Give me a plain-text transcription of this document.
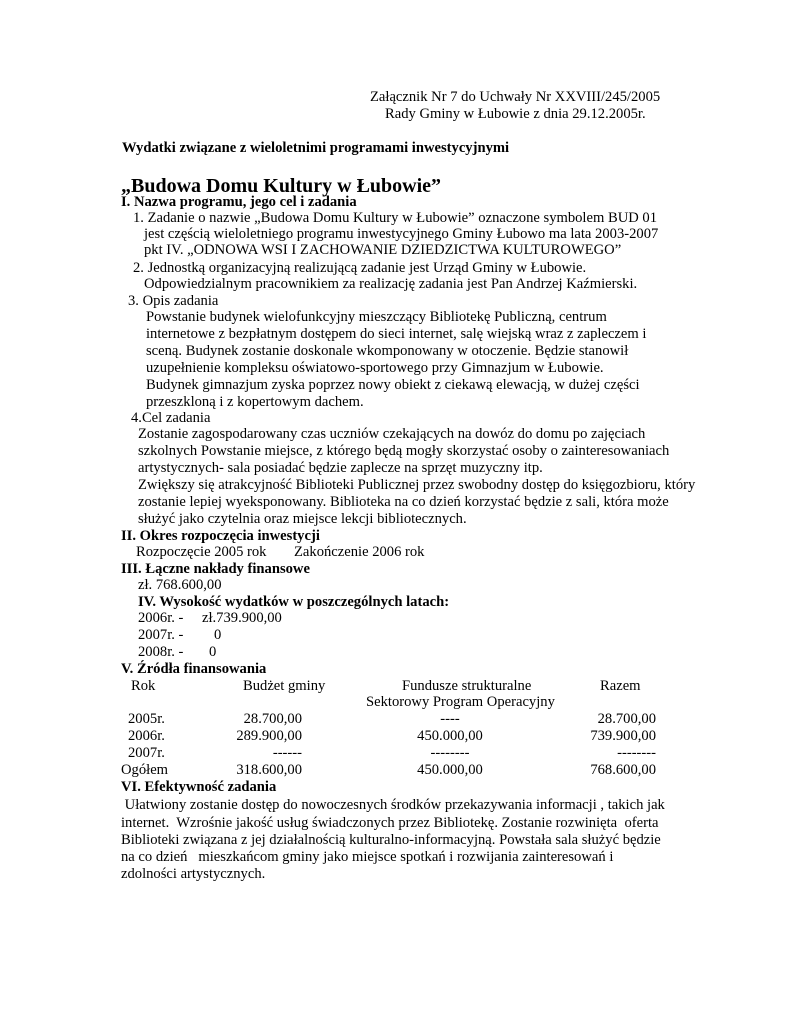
Załącznik Nr 7 do Uchwały Nr XXVIII/245/2005
Rady Gminy w Łubowie z dnia 29.12.2005r.
Wydatki związane z wieloletnimi programami inwestycyjnymi
„Budowa Domu Kultury w Łubowie”
I. Nazwa programu, jego cel i zadania
1. Zadanie o nazwie „Budowa Domu Kultury w Łubowie” oznaczone symbolem BUD 01
jest częścią wieloletniego programu inwestycyjnego Gminy Łubowo ma lata 2003-2007
pkt IV. „ODNOWA WSI I ZACHOWANIE DZIEDZICTWA KULTUROWEGO”
2. Jednostką organizacyjną realizującą zadanie jest Urząd Gminy w Łubowie.
Odpowiedzialnym pracownikiem za realizację zadania jest Pan Andrzej Kaźmierski.
3. Opis zadania
Powstanie budynek wielofunkcyjny mieszczący Bibliotekę Publiczną, centrum
internetowe z bezpłatnym dostępem do sieci internet, salę wiejską wraz z zapleczem i
sceną. Budynek zostanie doskonale wkomponowany w otoczenie. Będzie stanowił
uzupełnienie kompleksu oświatowo-sportowego przy Gimnazjum w Łubowie.
Budynek gimnazjum zyska poprzez nowy obiekt z ciekawą elewacją, w dużej części
przeszkloną i z kopertowym dachem.
4.Cel zadania
Zostanie zagospodarowany czas uczniów czekających na dowóz do domu po zajęciach
szkolnych Powstanie miejsce, z którego będą mogły skorzystać osoby o zainteresowaniach
artystycznych- sala posiadać będzie zaplecze na sprzęt muzyczny itp.
Zwiększy się atrakcyjność Biblioteki Publicznej przez swobodny dostęp do księgozbioru, który
zostanie lepiej wyeksponowany. Biblioteka na co dzień korzystać będzie z sali, która może
służyć jako czytelnia oraz miejsce lekcji bibliotecznych.
II. Okres rozpoczęcia inwestycji
Rozpoczęcie 2005 rok Zakończenie 2006 rok
III. Łączne nakłady finansowe
zł. 768.600,00
IV. Wysokość wydatków w poszczególnych latach:
2006r. - zł.739.900,00
2007r. - 0
2008r. - 0
V. Źródła finansowania
Rok	Budżet gminy	Fundusze strukturalne	Razem
Sektorowy Program Operacyjny
2005r.	28.700,00	----	28.700,00
2006r.	289.900,00	450.000,00	739.900,00
2007r.	------	--------	--------
Ogółem	318.600,00	450.000,00	768.600,00
VI. Efektywność zadania
Ułatwiony zostanie dostęp do nowoczesnych środków przekazywania informacji , takich jak
internet.  Wzrośnie jakość usług świadczonych przez Bibliotekę. Zostanie rozwinięta  oferta
Biblioteki związana z jej działalnością kulturalno-informacyjną. Powstała sala służyć będzie
na co dzień   mieszkańcom gminy jako miejsce spotkań i rozwijania zainteresowań i
zdolności artystycznych.
